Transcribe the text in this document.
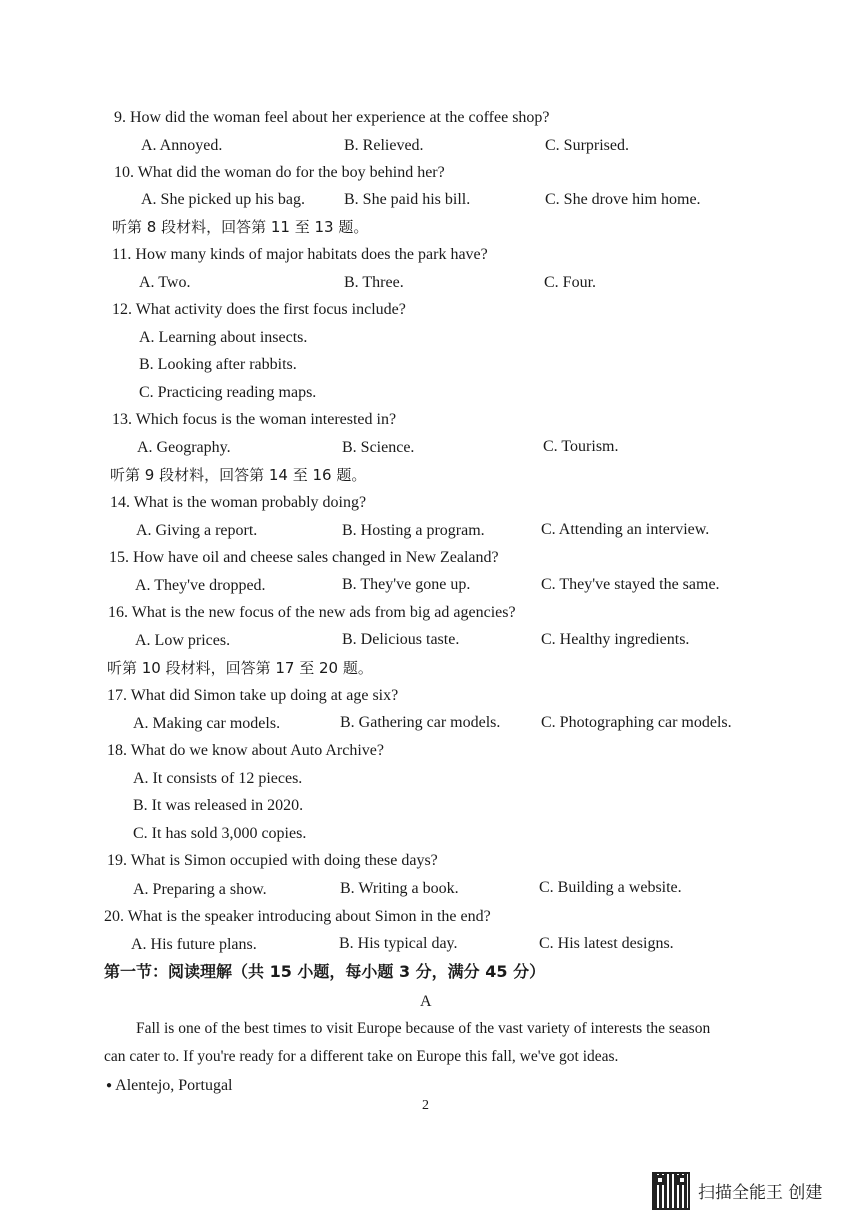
9. How did the woman feel about her experience at the coffee shop?
A. Annoyed.	B. Relieved.	C. Surprised.
10. What did the woman do for the boy behind her?
A. She picked up his bag. B. She paid his bill.	C. She drove him home.
听第 8 段材料，回答第 11 至 13 题。
11. How many kinds of major habitats does the park have?
A. Two.	B. Three.	C. Four.
12. What activity does the first focus include?
A. Learning about insects.
B. Looking after rabbits.
C. Practicing reading maps.
13. Which focus is the woman interested in?
A. Geography.	B. Science.	C. Tourism.
听第 9 段材料，回答第 14 至 16 题。
14. What is the woman probably doing?
A. Giving a report.	B. Hosting a program.	C. Attending an interview.
15. How have oil and cheese sales changed in New Zealand?
A. They've dropped.	B. They've gone up.	C. They've stayed the same.
16. What is the new focus of the new ads from big ad agencies?
A. Low prices.	B. Delicious taste.	C. Healthy ingredients.
听第 10 段材料，回答第 17 至 20 题。
17. What did Simon take up doing at age six?
A. Making car models.	B. Gathering car models.	C. Photographing car models.
18. What do we know about Auto Archive?
A. It consists of 12 pieces.
B. It was released in 2020.
C. It has sold 3,000 copies.
19. What is Simon occupied with doing these days?
A. Preparing a show.	B. Writing a book.	C. Building a website.
20. What is the speaker introducing about Simon in the end?
A. His future plans.	B. His typical day.	C. His latest designs.
第一节：阅读理解（共 15 小题，每小题 3 分，满分 45 分）
A
Fall is one of the best times to visit Europe because of the vast variety of interests the season
can cater to. If you're ready for a different take on Europe this fall, we've got ideas.
● Alentejo, Portugal
2
扫描全能王 创建
